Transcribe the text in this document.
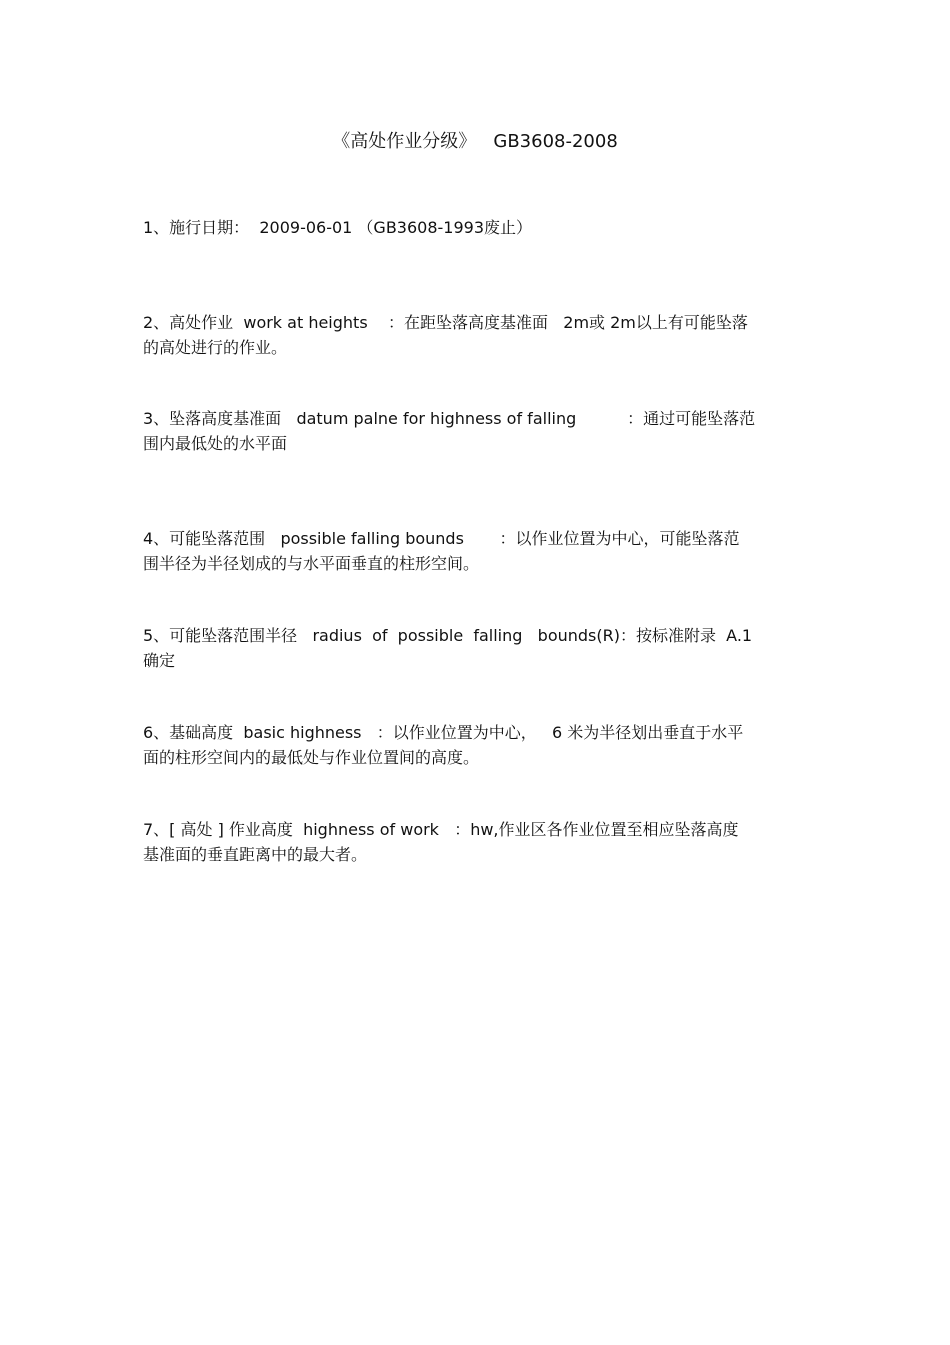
《高处作业分级》   GB3608-2008
1、施行日期：  2009-06-01 （GB3608-1993废止）
2、高处作业  work at heights    ：在距坠落高度基准面   2m或 2m以上有可能坠落
的高处进行的作业。
3、坠落高度基准面   datum palne for highness of falling          ：通过可能坠落范
围内最低处的水平面
4、可能坠落范围   possible falling bounds       ：以作业位置为中心，可能坠落范
围半径为半径划成的与水平面垂直的柱形空间。
5、可能坠落范围半径   radius  of  possible  falling   bounds(R)：按标准附录  A.1
确定
6、基础高度  basic highness   ：以作业位置为中心，   6 米为半径划出垂直于水平
面的柱形空间内的最低处与作业位置间的高度。
7、[ 高处 ] 作业高度  highness of work   ：hw,作业区各作业位置至相应坠落高度
基准面的垂直距离中的最大者。
